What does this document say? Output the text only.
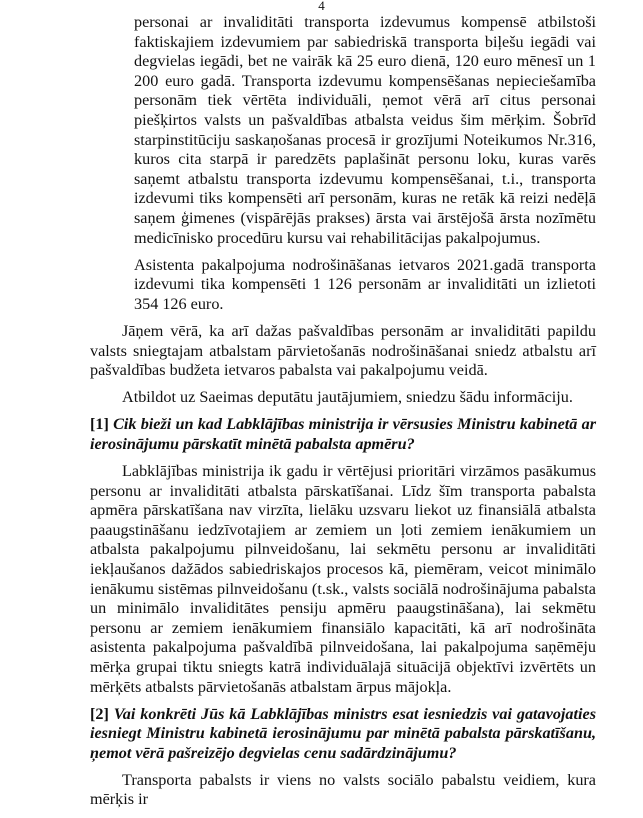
4

personai ar invaliditāti transporta izdevumus kompensē atbilstoši faktiskajiem izdevumiem par sabiedriskā transporta biļešu iegādi vai degvielas iegādi, bet ne vairāk kā 25 euro dienā, 120 euro mēnesī un 1 200 euro gadā. Transporta izdevumu kompensēšanas nepieciešamība personām tiek vērtēta individuāli, ņemot vērā arī citus personai piešķirtos valsts un pašvaldības atbalsta veidus šim mērķim. Šobrīd starpinstitūciju saskaņošanas procesā ir grozījumi Noteikumos Nr.316, kuros cita starpā ir paredzēts paplašināt personu loku, kuras varēs saņemt atbalstu transporta izdevumu kompensēšanai, t.i., transporta izdevumi tiks kompensēti arī personām, kuras ne retāk kā reizi nedēļā saņem ģimenes (vispārējās prakses) ārsta vai ārstējošā ārsta nozīmētu medicīnisko procedūru kursu vai rehabilitācijas pakalpojumus.

Asistenta pakalpojuma nodrošināšanas ietvaros 2021.gadā transporta izdevumi tika kompensēti 1 126 personām ar invaliditāti un izlietoti 354 126 euro.

Jāņem vērā, ka arī dažas pašvaldības personām ar invaliditāti papildu valsts sniegtajam atbalstam pārvietošanās nodrošināšanai sniedz atbalstu arī pašvaldības budžeta ietvaros pabalsta vai pakalpojumu veidā.

Atbildot uz Saeimas deputātu jautājumiem, sniedzu šādu informāciju.

[1] Cik bieži un kad Labklājības ministrija ir vērsusies Ministru kabinetā ar ierosinājumu pārskatīt minētā pabalsta apmēru?

Labklājības ministrija ik gadu ir vērtējusi prioritāri virzāmos pasākumus personu ar invaliditāti atbalsta pārskatīšanai. Līdz šīm transporta pabalsta apmēra pārskatīšana nav virzīta, lielāku uzsvaru liekot uz finansiālā atbalsta paaugstināšanu iedzīvotajiem ar zemiem un ļoti zemiem ienākumiem un atbalsta pakalpojumu pilnveidošanu, lai sekmētu personu ar invaliditāti iekļaušanos dažādos sabiedriskajos procesos kā, piemēram, veicot minimālo ienākumu sistēmas pilnveidošanu (t.sk., valsts sociālā nodrošinājuma pabalsta un minimālo invaliditātes pensiju apmēru paaugstināšana), lai sekmētu personu ar zemiem ienākumiem finansiālo kapacitāti, kā arī nodrošināta asistenta pakalpojuma pašvaldībā pilnveidošana, lai pakalpojuma saņēmēju mērķa grupai tiktu sniegts katrā individuālajā situācijā objektīvi izvērtēts un mērķēts atbalsts pārvietošanās atbalstam ārpus mājokļa.

[2] Vai konkrēti Jūs kā Labklājības ministrs esat iesniedzis vai gatavojaties iesniegt Ministru kabinetā ierosinājumu par minētā pabalsta pārskatīšanu, ņemot vērā pašreizējo degvielas cenu sadārdzinājumu?

Transporta pabalsts ir viens no valsts sociālo pabalstu veidiem, kura mērķis ir
